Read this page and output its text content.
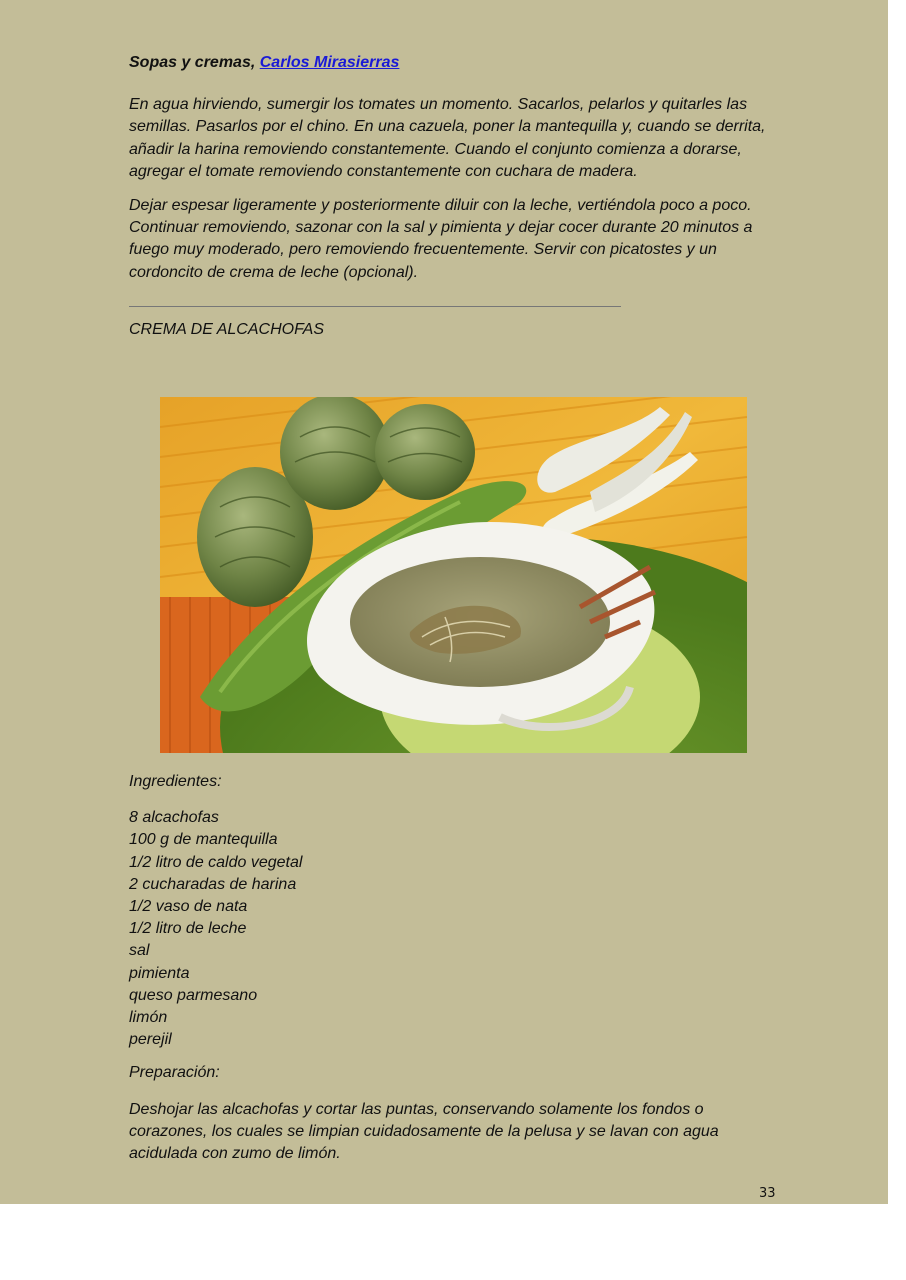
Sopas y cremas, Carlos Mirasierras

En agua hirviendo, sumergir los tomates un momento. Sacarlos, pelarlos y quitarles las semillas. Pasarlos por el chino. En una cazuela, poner la mantequilla y, cuando se derrita, añadir la harina removiendo constantemente. Cuando el conjunto comienza a dorarse, agregar el tomate removiendo constantemente con cuchara de madera.

Dejar espesar ligeramente y posteriormente diluir con la leche, vertiéndola poco a poco. Continuar removiendo, sazonar con la sal y pimienta y dejar cocer durante 20 minutos a fuego muy moderado, pero removiendo frecuentemente. Servir con picatostes y un cordoncito de crema de leche (opcional).

CREMA DE ALCACHOFAS

Ingredientes:

8 alcachofas
100 g de mantequilla
1/2 litro de caldo vegetal
2 cucharadas de harina
1/2 vaso de nata
1/2 litro de leche
sal
pimienta
queso parmesano
limón
perejil

Preparación:

Deshojar las alcachofas y cortar las puntas, conservando solamente los fondos o corazones, los cuales se limpian cuidadosamente de la pelusa y se lavan con agua acidulada con zumo de limón.

33
